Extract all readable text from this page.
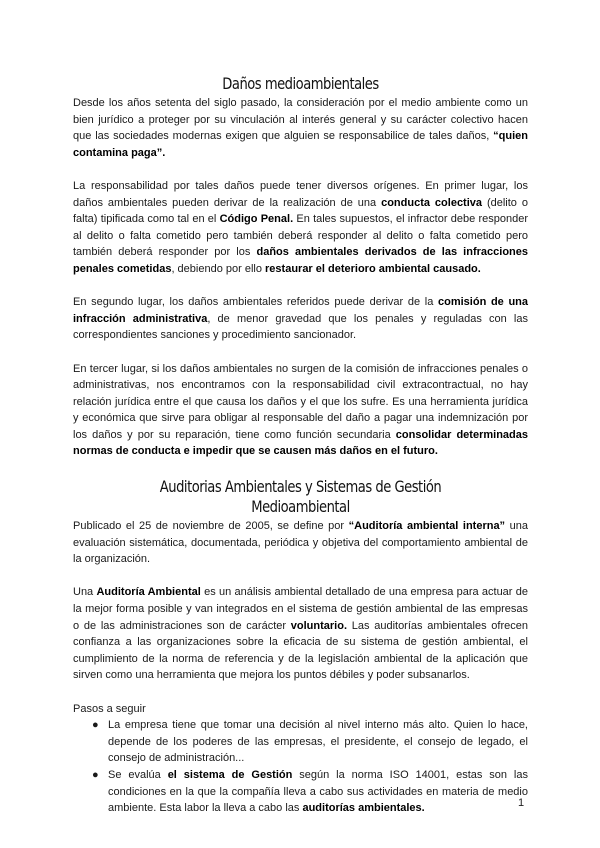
Daños medioambientales

Desde los años setenta del siglo pasado, la consideración por el medio ambiente como un bien jurídico a proteger por su vinculación al interés general y su carácter colectivo hacen que las sociedades modernas exigen que alguien se responsabilice de tales daños, “quien contamina paga”.

La responsabilidad por tales daños puede tener diversos orígenes. En primer lugar, los daños ambientales pueden derivar de la realización de una conducta colectiva (delito o falta) tipificada como tal en el Código Penal. En tales supuestos, el infractor debe responder al delito o falta cometido pero también deberá responder al delito o falta cometido pero también deberá responder por los daños ambientales derivados de las infracciones penales cometidas, debiendo por ello restaurar el deterioro ambiental causado.

En segundo lugar, los daños ambientales referidos puede derivar de la comisión de una infracción administrativa, de menor gravedad que los penales y reguladas con las correspondientes sanciones y procedimiento sancionador.

En tercer lugar, si los daños ambientales no surgen de la comisión de infracciones penales o administrativas, nos encontramos con la responsabilidad civil extracontractual, no hay relación jurídica entre el que causa los daños y el que los sufre. Es una herramienta jurídica y económica que sirve para obligar al responsable del daño a pagar una indemnización por los daños y por su reparación, tiene como función secundaria consolidar determinadas normas de conducta e impedir que se causen más daños en el futuro.

Auditorias Ambientales y Sistemas de Gestión Medioambiental

Publicado el 25 de noviembre de 2005, se define por “Auditoría ambiental interna” una evaluación sistemática, documentada, periódica y objetiva del comportamiento ambiental de la organización.

Una Auditoría Ambiental es un análisis ambiental detallado de una empresa para actuar de la mejor forma posible y van integrados en el sistema de gestión ambiental de las empresas o de las administraciones son de carácter voluntario. Las auditorías ambientales ofrecen confianza a las organizaciones sobre la eficacia de su sistema de gestión ambiental, el cumplimiento de la norma de referencia y de la legislación ambiental de la aplicación que sirven como una herramienta que mejora los puntos débiles y poder subsanarlos.

Pasos a seguir
● La empresa tiene que tomar una decisión al nivel interno más alto. Quien lo hace, depende de los poderes de las empresas, el presidente, el consejo de legado, el consejo de administración...
● Se evalúa el sistema de Gestión según la norma ISO 14001, estas son las condiciones en la que la compañía lleva a cabo sus actividades en materia de medio ambiente. Esta labor la lleva a cabo las auditorías ambientales.	1
